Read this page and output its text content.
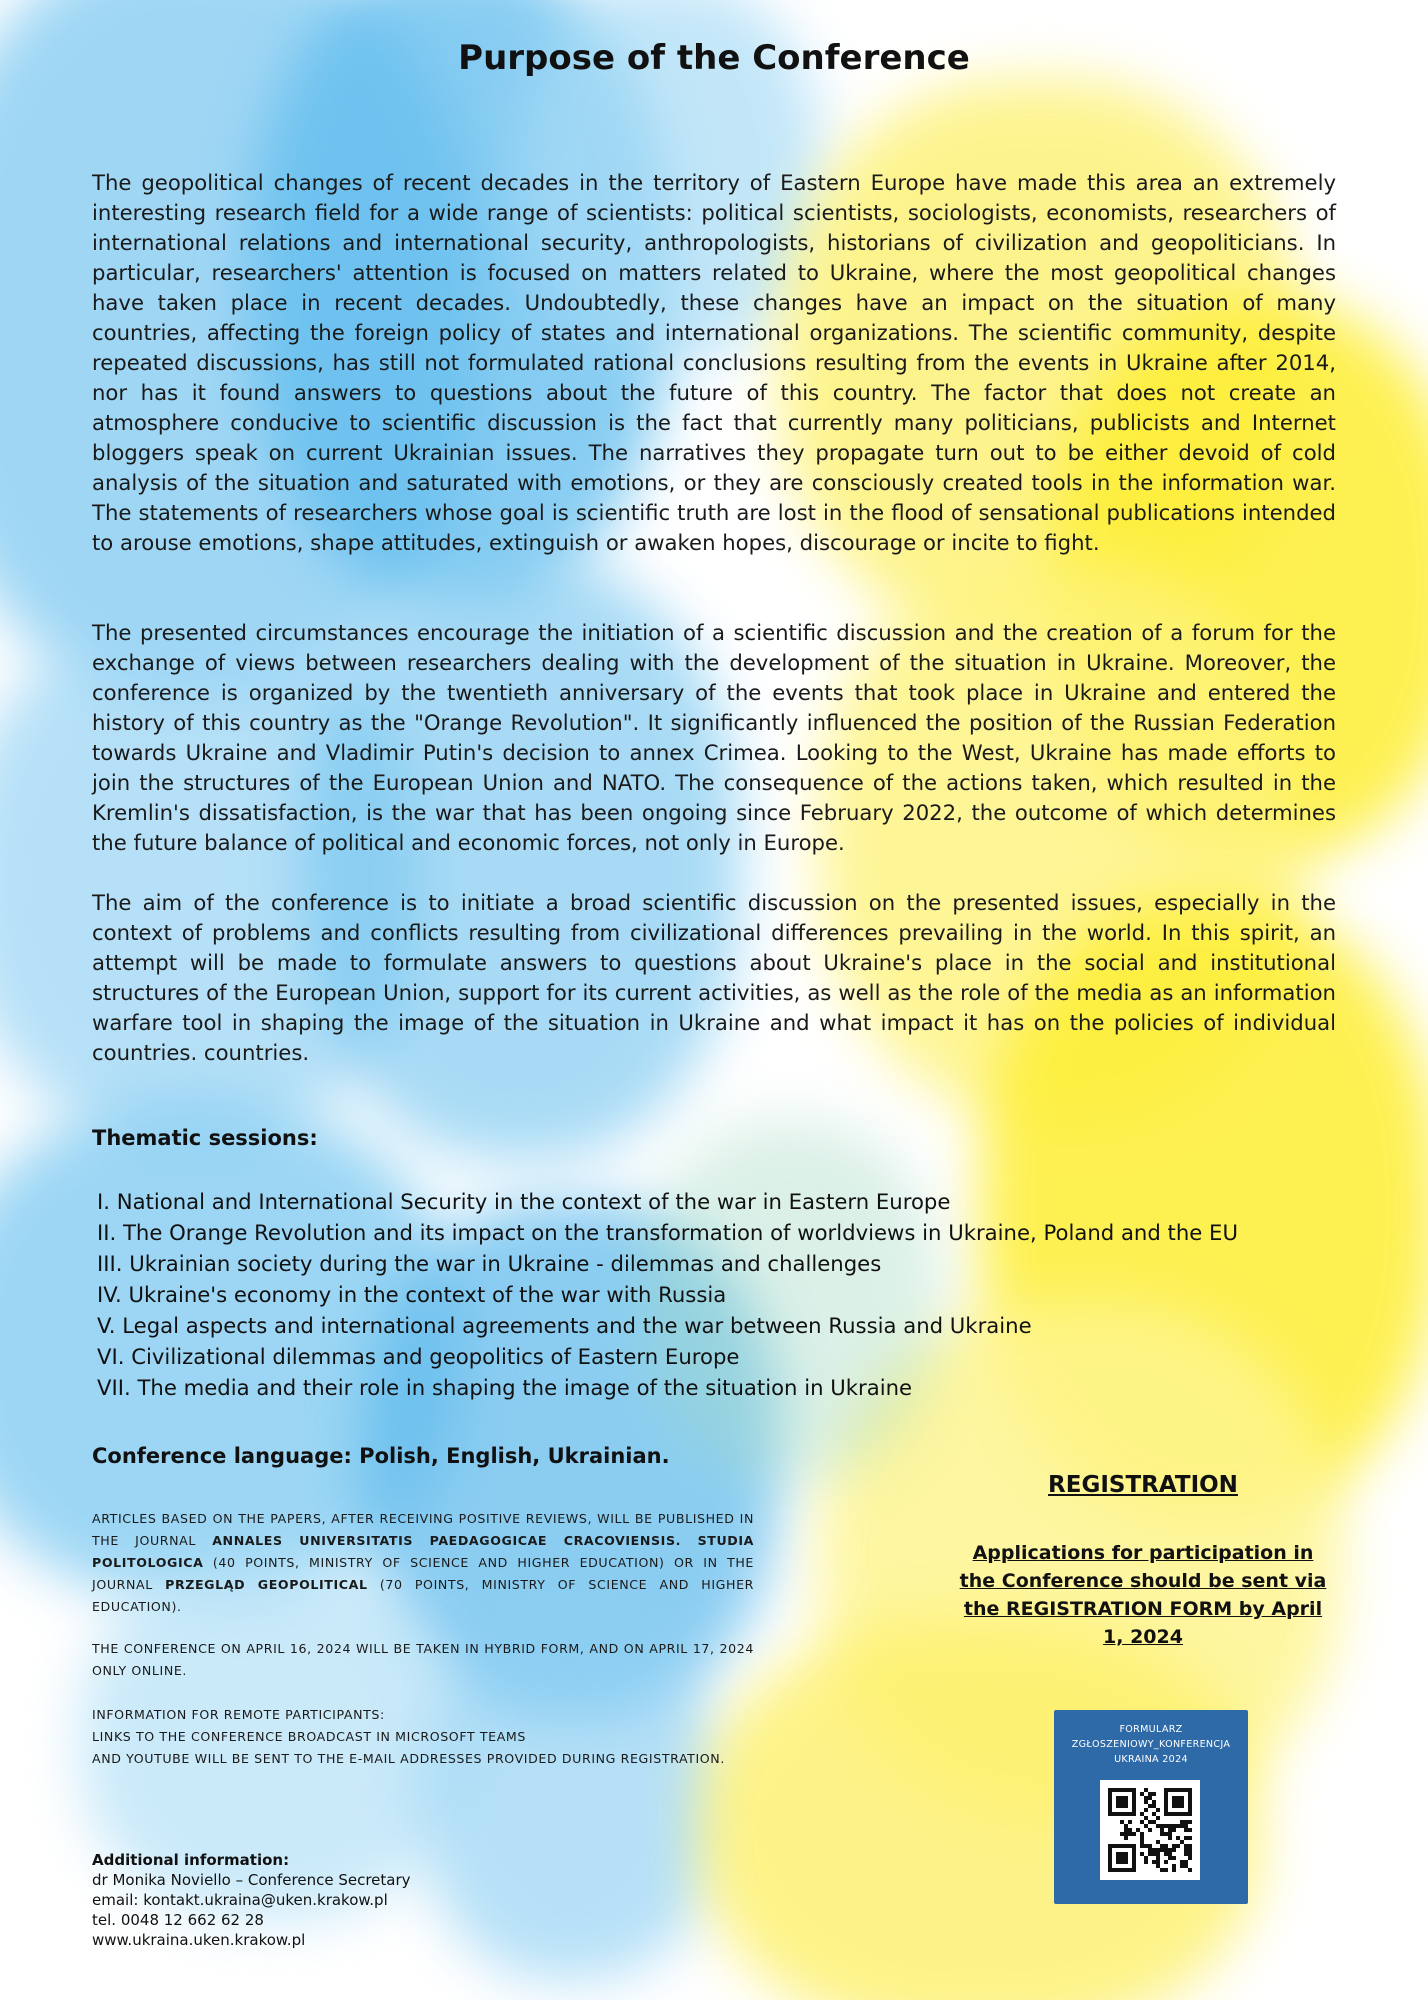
Purpose of the Conference

The geopolitical changes of recent decades in the territory of Eastern Europe have made this area an extremely interesting research field for a wide range of scientists: political scientists, sociologists, economists, researchers of international relations and international security, anthropologists, historians of civilization and geopoliticians. In particular, researchers' attention is focused on matters related to Ukraine, where the most geopolitical changes have taken place in recent decades. Undoubtedly, these changes have an impact on the situation of many countries, affecting the foreign policy of states and international organizations. The scientific community, despite repeated discussions, has still not formulated rational conclusions resulting from the events in Ukraine after 2014, nor has it found answers to questions about the future of this country. The factor that does not create an atmosphere conducive to scientific discussion is the fact that currently many politicians, publicists and Internet bloggers speak on current Ukrainian issues. The narratives they propagate turn out to be either devoid of cold analysis of the situation and saturated with emotions, or they are consciously created tools in the information war. The statements of researchers whose goal is scientific truth are lost in the flood of sensational publications intended to arouse emotions, shape attitudes, extinguish or awaken hopes, discourage or incite to fight.

The presented circumstances encourage the initiation of a scientific discussion and the creation of a forum for the exchange of views between researchers dealing with the development of the situation in Ukraine. Moreover, the conference is organized by the twentieth anniversary of the events that took place in Ukraine and entered the history of this country as the "Orange Revolution". It significantly influenced the position of the Russian Federation towards Ukraine and Vladimir Putin's decision to annex Crimea. Looking to the West, Ukraine has made efforts to join the structures of the European Union and NATO. The consequence of the actions taken, which resulted in the Kremlin's dissatisfaction, is the war that has been ongoing since February 2022, the outcome of which determines the future balance of political and economic forces, not only in Europe.

The aim of the conference is to initiate a broad scientific discussion on the presented issues, especially in the context of problems and conflicts resulting from civilizational differences prevailing in the world. In this spirit, an attempt will be made to formulate answers to questions about Ukraine's place in the social and institutional structures of the European Union, support for its current activities, as well as the role of the media as an information warfare tool in shaping the image of the situation in Ukraine and what impact it has on the policies of individual countries. countries.

Thematic sessions:

I. National and International Security in the context of the war in Eastern Europe
II. The Orange Revolution and its impact on the transformation of worldviews in Ukraine, Poland and the EU
III. Ukrainian society during the war in Ukraine - dilemmas and challenges
IV. Ukraine's economy in the context of the war with Russia
V. Legal aspects and international agreements and the war between Russia and Ukraine
VI. Civilizational dilemmas and geopolitics of Eastern Europe
VII. The media and their role in shaping the image of the situation in Ukraine

Conference language: Polish, English, Ukrainian.

ARTICLES BASED ON THE PAPERS, AFTER RECEIVING POSITIVE REVIEWS, WILL BE PUBLISHED IN THE JOURNAL ANNALES UNIVERSITATIS PAEDAGOGICAE CRACOVIENSIS. STUDIA POLITOLOGICA (40 POINTS, MINISTRY OF SCIENCE AND HIGHER EDUCATION) OR IN THE JOURNAL PRZEGLĄD GEOPOLITICAL (70 POINTS, MINISTRY OF SCIENCE AND HIGHER EDUCATION).

THE CONFERENCE ON APRIL 16, 2024 WILL BE TAKEN IN HYBRID FORM, AND ON APRIL 17, 2024 ONLY ONLINE.

INFORMATION FOR REMOTE PARTICIPANTS:
LINKS TO THE CONFERENCE BROADCAST IN MICROSOFT TEAMS
AND YOUTUBE WILL BE SENT TO THE E-MAIL ADDRESSES PROVIDED DURING REGISTRATION.

Additional information:
dr Monika Noviello – Conference Secretary
email: kontakt.ukraina@uken.krakow.pl
tel. 0048 12 662 62 28
www.ukraina.uken.krakow.pl

REGISTRATION

Applications for participation in the Conference should be sent via the REGISTRATION FORM by April 1, 2024

FORMULARZ
ZGŁOSZENIOWY_KONFERENCJA
UKRAINA 2024
